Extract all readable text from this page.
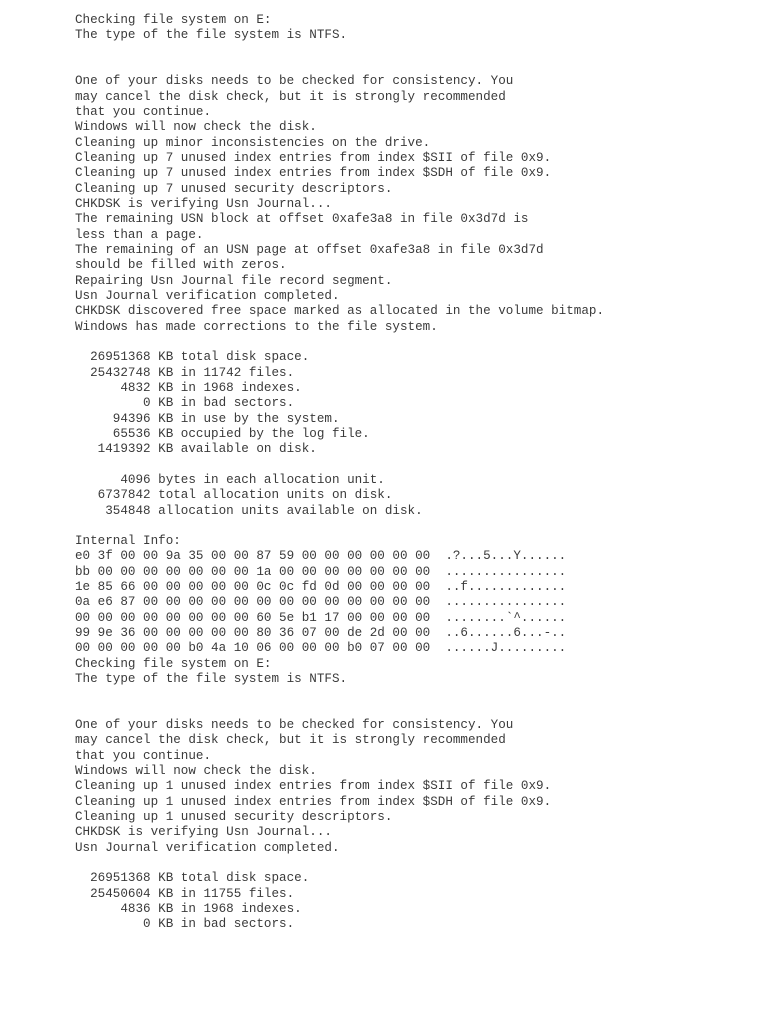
Checking file system on E:
The type of the file system is NTFS.
One of your disks needs to be checked for consistency. You
may cancel the disk check, but it is strongly recommended
that you continue.
Windows will now check the disk.
Cleaning up minor inconsistencies on the drive.
Cleaning up 7 unused index entries from index $SII of file 0x9.
Cleaning up 7 unused index entries from index $SDH of file 0x9.
Cleaning up 7 unused security descriptors.
CHKDSK is verifying Usn Journal...
The remaining USN block at offset 0xafe3a8 in file 0x3d7d is
less than a page.
The remaining of an USN page at offset 0xafe3a8 in file 0x3d7d
should be filled with zeros.
Repairing Usn Journal file record segment.
Usn Journal verification completed.
CHKDSK discovered free space marked as allocated in the volume bitmap.
Windows has made corrections to the file system.
26951368 KB total disk space.
25432748 KB in 11742 files.
4832 KB in 1968 indexes.
0 KB in bad sectors.
94396 KB in use by the system.
65536 KB occupied by the log file.
1419392 KB available on disk.
4096 bytes in each allocation unit.
6737842 total allocation units on disk.
354848 allocation units available on disk.
Internal Info:
e0 3f 00 00 9a 35 00 00 87 59 00 00 00 00 00 00  .?...5...Y......
bb 00 00 00 00 00 00 00 1a 00 00 00 00 00 00 00  ................
1e 85 66 00 00 00 00 00 0c 0c fd 0d 00 00 00 00  ..f.............
0a e6 87 00 00 00 00 00 00 00 00 00 00 00 00 00  ................
00 00 00 00 00 00 00 00 60 5e b1 17 00 00 00 00  ........`^......
99 9e 36 00 00 00 00 00 80 36 07 00 de 2d 00 00  ..6......6...-..
00 00 00 00 00 b0 4a 10 06 00 00 00 b0 07 00 00  ......J.........
Checking file system on E:
The type of the file system is NTFS.
One of your disks needs to be checked for consistency. You
may cancel the disk check, but it is strongly recommended
that you continue.
Windows will now check the disk.
Cleaning up 1 unused index entries from index $SII of file 0x9.
Cleaning up 1 unused index entries from index $SDH of file 0x9.
Cleaning up 1 unused security descriptors.
CHKDSK is verifying Usn Journal...
Usn Journal verification completed.
26951368 KB total disk space.
25450604 KB in 11755 files.
4836 KB in 1968 indexes.
0 KB in bad sectors.
